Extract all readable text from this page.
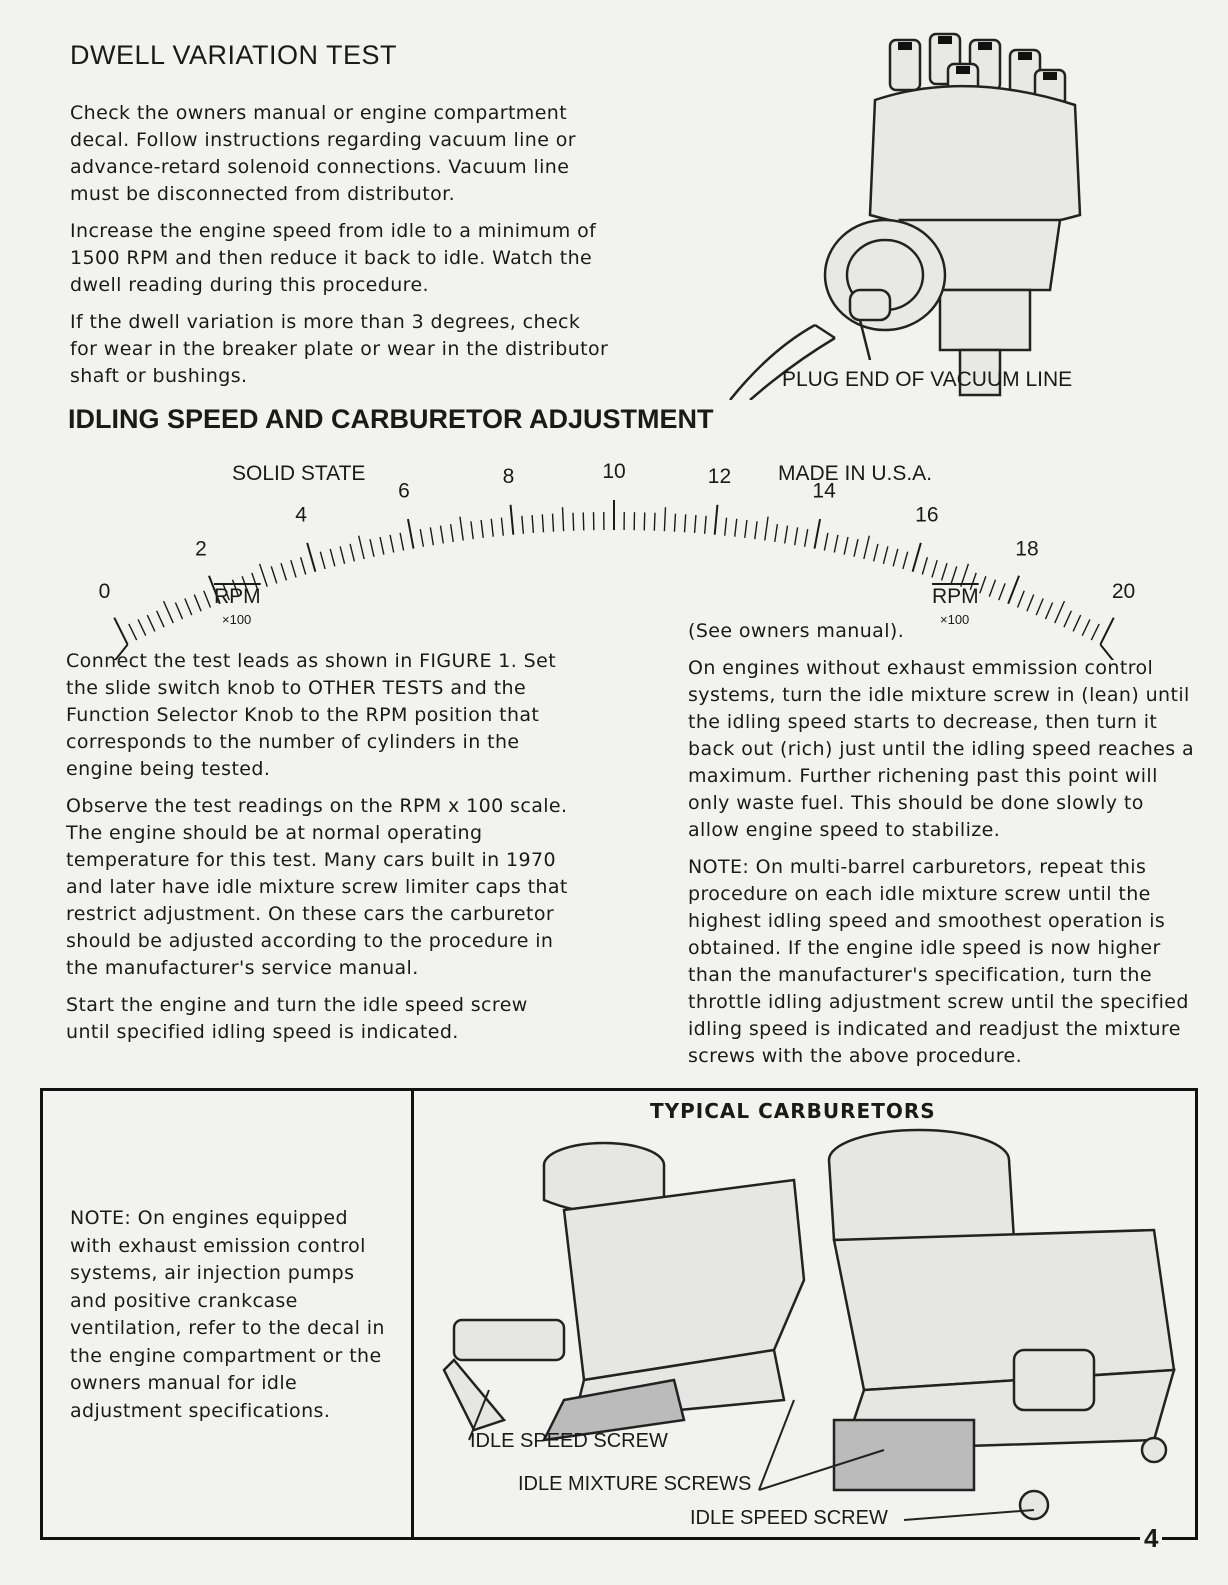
DWELL VARIATION TEST

Check the owners manual or engine compartment decal. Follow instructions regarding vacuum line or advance-retard solenoid connections. Vacuum line must be disconnected from distributor.

Increase the engine speed from idle to a minimum of 1500 RPM and then reduce it back to idle. Watch the dwell reading during this procedure.

If the dwell variation is more than 3 degrees, check for wear in the breaker plate or wear in the distributor shaft or bushings.	PLUG END OF VACUUM LINE
IDLING SPEED AND CARBURETOR ADJUSTMENT
SOLID STATE	MADE IN U.S.A.
0
2
4
6
8	10	12
14
16
18
20
$\overline{RPM}$
×100
$\overline{RPM}$
×100

Connect the test leads as shown in FIGURE 1. Set the slide switch knob to OTHER TESTS and the Function Selector Knob to the RPM position that corresponds to the number of cylinders in the engine being tested.

Observe the test readings on the RPM x 100 scale.

The engine should be at normal operating temperature for this test. Many cars built in 1970 and later have idle mixture screw limiter caps that restrict adjustment. On these cars the carburetor should be adjusted according to the procedure in the manufacturer's service manual.

Start the engine and turn the idle speed screw until specified idling speed is indicated.

(See owners manual).

On engines without exhaust emmission control systems, turn the idle mixture screw in (lean) until the idling speed starts to decrease, then turn it back out (rich) just until the idling speed reaches a maximum. Further richening past this point will only waste fuel. This should be done slowly to allow engine speed to stabilize.

NOTE: On multi-barrel carburetors, repeat this procedure on each idle mixture screw until the highest idling speed and smoothest operation is obtained. If the engine idle speed is now higher than the manufacturer's specification, turn the throttle idling adjustment screw until the specified idling speed is indicated and readjust the mixture screws with the above procedure.

NOTE: On engines equipped with exhaust emission control systems, air injection pumps and positive crankcase ventilation, refer to the decal in the engine compartment or the owners manual for idle adjustment specifications.
TYPICAL CARBURETORS
IDLE SPEED SCREW
IDLE MIXTURE SCREWS
IDLE SPEED SCREW
4
